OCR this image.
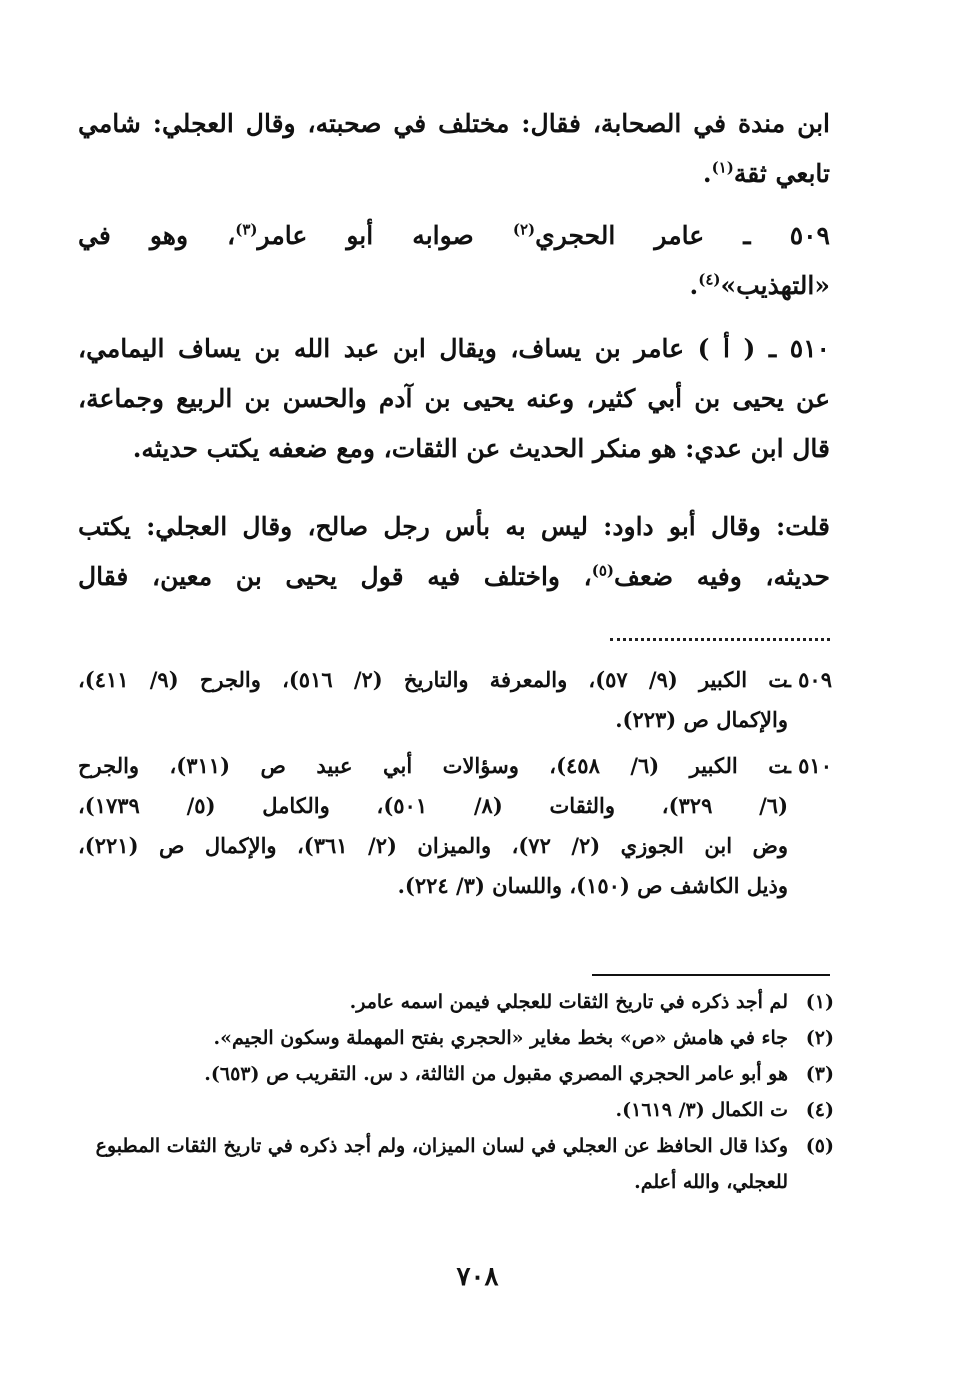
ابن مندة في الصحابة، فقال: مختلف في صحبته، وقال العجلي: شامي
تابعي ثقة$^{(١)}$.
٥٠٩ ـ عامر الحجري$^{(٢)}$ صوابه أبو عامر$^{(٣)}$، وهو في
«التهذيب»$^{(٤)}$.
٥١٠ ـ ( أ ) عامر بن يساف، ويقال ابن عبد الله بن يساف اليمامي،
عن يحيى بن أبي كثير، وعنه يحيى بن آدم والحسن بن الربيع وجماعة،
قال ابن عدي: هو منكر الحديث عن الثقات، ومع ضعفه يكتب حديثه.
قلت: وقال أبو داود: ليس به بأس رجل صالح، وقال العجلي: يكتب
حديثه، وفيه ضعف$^{(٥)}$، واختلف فيه قول يحيى بن معين، فقال
٥٠٩ ـ
ت الكبير (٩/ ٥٧)، والمعرفة والتاريخ (٢/ ٥١٦)، والجرح (٩/ ٤١١)،
والإكمال ص (٢٢٣).
٥١٠ ـ
ت الكبير (٦/ ٤٥٨)، وسؤالات أبي عبيد ص (٣١١)، والجرح
(٦/ ٣٢٩)، والثقات (٨/ ٥٠١)، والكامل (٥/ ١٧٣٩)،
وض ابن الجوزي (٢/ ٧٢)، والميزان (٢/ ٣٦١)، والإكمال ص (٢٢١)،
وذيل الكاشف ص (١٥٠)، واللسان (٣/ ٢٢٤).
(١)لم أجد ذكره في تاريخ الثقات للعجلي فيمن اسمه عامر.
(٢)جاء في هامش «ص» بخط مغاير «الحجري بفتح المهملة وسكون الجيم».
(٣)هو أبو عامر الحجري المصري مقبول من الثالثة، د س. التقريب ص (٦٥٣).
(٤)ت الكمال (٣/ ١٦١٩).
(٥)وكذا قال الحافظ عن العجلي في لسان الميزان، ولم أجد ذكره في تاريخ الثقات المطبوع
للعجلي، والله أعلم.
٧٠٨
